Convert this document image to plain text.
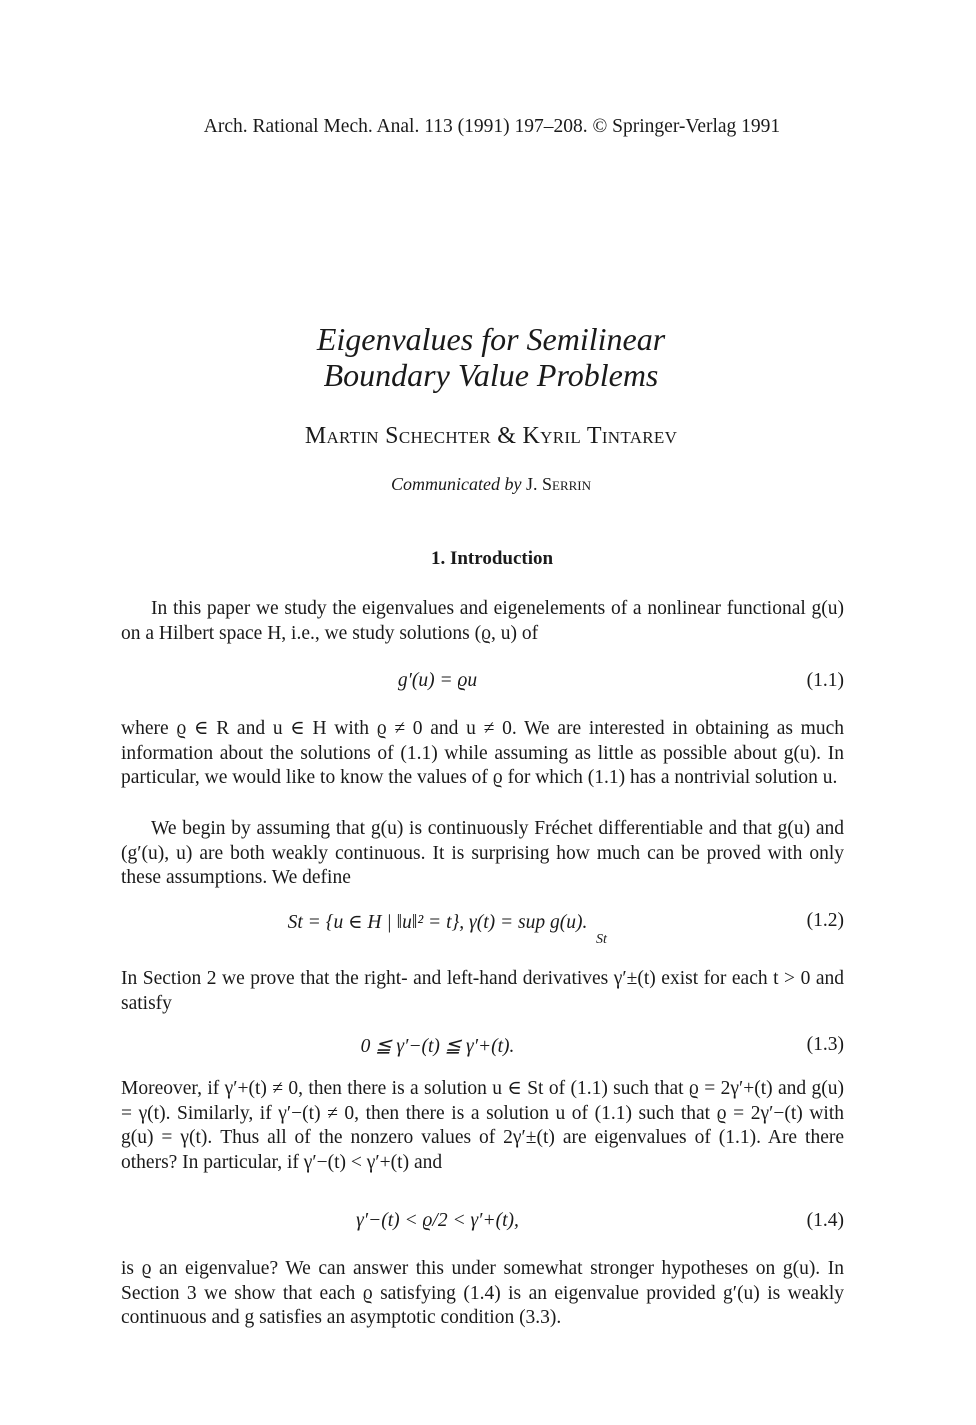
Arch. Rational Mech. Anal. 113 (1991) 197–208. © Springer-Verlag 1991
Eigenvalues for Semilinear
Boundary Value Problems
Martin Schechter & Kyril Tintarev
Communicated by J. Serrin
1. Introduction
In this paper we study the eigenvalues and eigenelements of a nonlinear functional g(u) on a Hilbert space H, i.e., we study solutions (ϱ, u) of
g′(u) = ϱu	(1.1)
where ϱ ∈ R and u ∈ H with ϱ ≠ 0 and u ≠ 0. We are interested in obtaining as much information about the solutions of (1.1) while assuming as little as possible about g(u). In particular, we would like to know the values of ϱ for which (1.1) has a nontrivial solution u.
We begin by assuming that g(u) is continuously Fréchet differentiable and that g(u) and (g′(u), u) are both weakly continuous. It is surprising how much can be proved with only these assumptions. We define
St = {u ∈ H | ‖u‖² = t}, γ(t) = sup g(u).
St
(1.2)
In Section 2 we prove that the right- and left-hand derivatives γ′±(t) exist for each t > 0 and satisfy
0 ≦ γ′−(t) ≦ γ′+(t).	(1.3)
Moreover, if γ′+(t) ≠ 0, then there is a solution u ∈ St of (1.1) such that ϱ = 2γ′+(t) and g(u) = γ(t). Similarly, if γ′−(t) ≠ 0, then there is a solution u of (1.1) such that ϱ = 2γ′−(t) with g(u) = γ(t). Thus all of the nonzero values of 2γ′±(t) are eigenvalues of (1.1). Are there others? In particular, if γ′−(t) < γ′+(t) and
γ′−(t) < ϱ/2 < γ′+(t),	(1.4)
is ϱ an eigenvalue? We can answer this under somewhat stronger hypotheses on g(u). In Section 3 we show that each ϱ satisfying (1.4) is an eigenvalue provided g′(u) is weakly continuous and g satisfies an asymptotic condition (3.3).
